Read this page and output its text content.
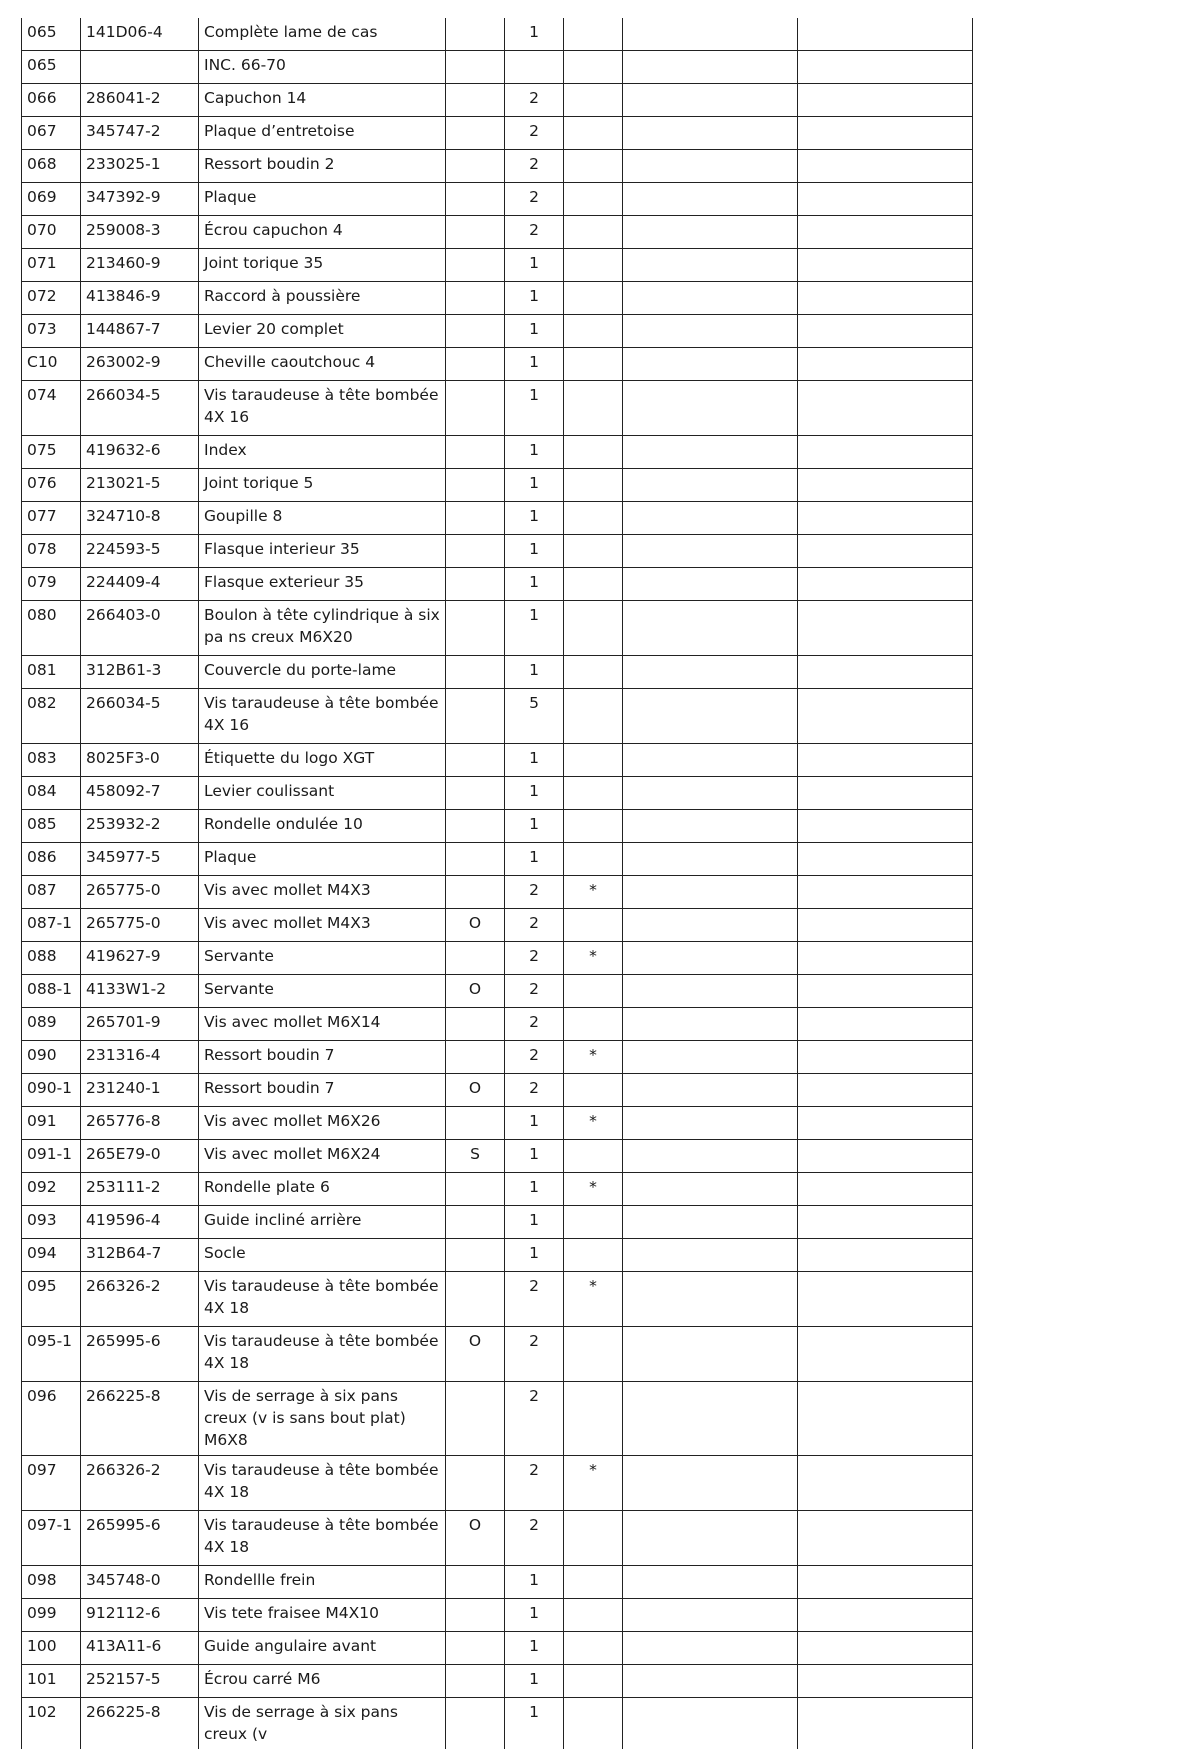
065	141D06-4	Complète lame de cas		1			
065		INC. 66-70					
066	286041-2	Capuchon 14		2			
067	345747-2	Plaque d’entretoise		2			
068	233025-1	Ressort boudin 2		2			
069	347392-9	Plaque		2			
070	259008-3	Écrou capuchon 4		2			
071	213460-9	Joint torique 35		1			
072	413846-9	Raccord à poussière		1			
073	144867-7	Levier 20 complet		1			
C10	263002-9	Cheville caoutchouc 4		1			
074	266034-5	Vis taraudeuse à tête bombée 4X 16		1			
075	419632-6	Index		1			
076	213021-5	Joint torique 5		1			
077	324710-8	Goupille 8		1			
078	224593-5	Flasque interieur 35		1			
079	224409-4	Flasque exterieur 35		1			
080	266403-0	Boulon à tête cylindrique à six pa ns creux M6X20		1			
081	312B61-3	Couvercle du porte-lame		1			
082	266034-5	Vis taraudeuse à tête bombée 4X 16		5			
083	8025F3-0	Étiquette du logo XGT		1			
084	458092-7	Levier coulissant		1			
085	253932-2	Rondelle ondulée 10		1			
086	345977-5	Plaque		1			
087	265775-0	Vis avec mollet M4X3		2	*		
087-1	265775-0	Vis avec mollet M4X3	O	2			
088	419627-9	Servante		2	*		
088-1	4133W1-2	Servante	O	2			
089	265701-9	Vis avec mollet M6X14		2			
090	231316-4	Ressort boudin 7		2	*		
090-1	231240-1	Ressort boudin 7	O	2			
091	265776-8	Vis avec mollet M6X26		1	*		
091-1	265E79-0	Vis avec mollet M6X24	S	1			
092	253111-2	Rondelle plate 6		1	*		
093	419596-4	Guide incliné arrière		1			
094	312B64-7	Socle		1			
095	266326-2	Vis taraudeuse à tête bombée 4X 18		2	*		
095-1	265995-6	Vis taraudeuse à tête bombée 4X 18	O	2			
096	266225-8	Vis de serrage à six pans creux (v is sans bout plat) M6X8		2			
097	266326-2	Vis taraudeuse à tête bombée 4X 18		2	*		
097-1	265995-6	Vis taraudeuse à tête bombée 4X 18	O	2			
098	345748-0	Rondellle frein		1			
099	912112-6	Vis tete fraisee M4X10		1			
100	413A11-6	Guide angulaire avant		1			
101	252157-5	Écrou carré M6		1			
102	266225-8	Vis de serrage à six pans creux (v		1			
